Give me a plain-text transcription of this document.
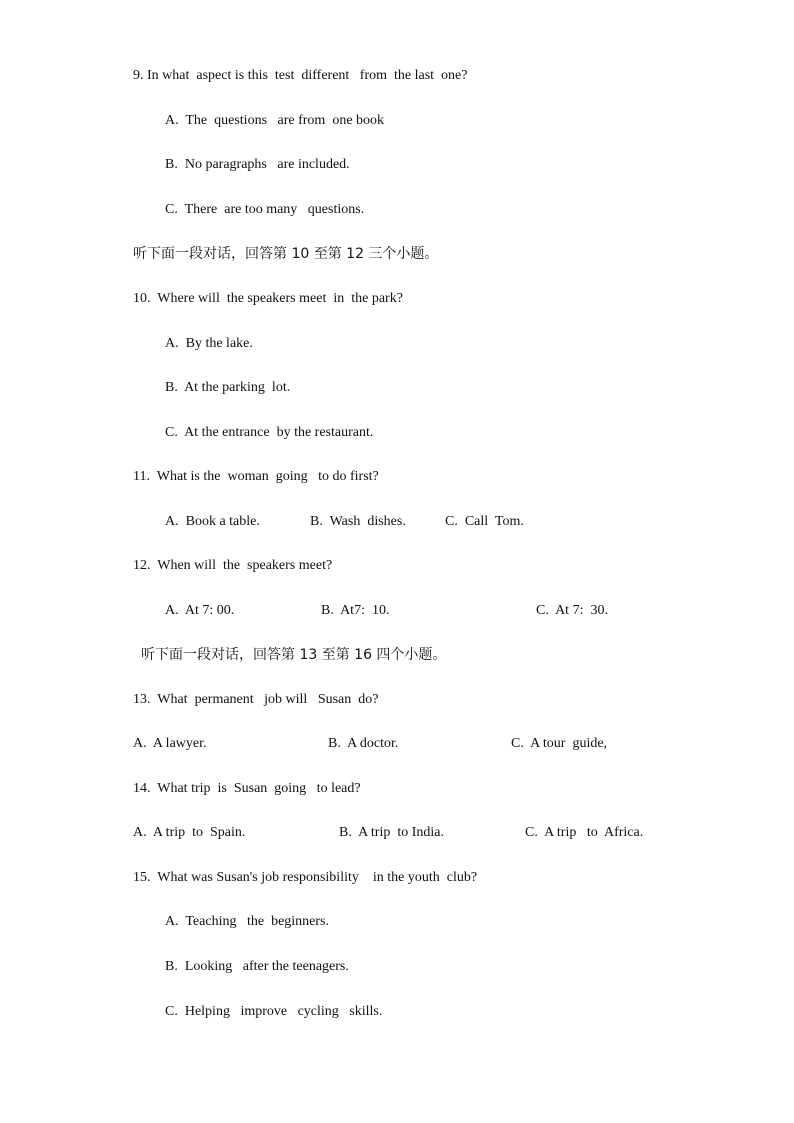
9. In what  aspect is this  test  different   from  the last  one?
A.  The  questions   are from  one book
B.  No paragraphs   are included.
C.  There  are too many   questions.
听下面一段对话，回答第 10 至第 12 三个小题。
10.  Where will  the speakers meet  in  the park?
A.  By the lake.
B.  At the parking  lot.
C.  At the entrance  by the restaurant.
11.  What is the  woman  going   to do first?
A.  Book a table.	B.  Wash  dishes.	C.  Call  Tom.
12.  When will  the  speakers meet?
A.  At 7: 00.	B.  At7:  10.	C.  At 7:  30.
听下面一段对话，回答第 13 至第 16 四个小题。
13.  What  permanent   job will   Susan  do?
A.  A lawyer.	B.  A doctor.	C.  A tour  guide,
14.  What trip  is  Susan  going   to lead?
A.  A trip  to  Spain.	B.  A trip  to India.	C.  A trip   to  Africa.
15.  What was Susan's job responsibility    in the youth  club?
A.  Teaching   the  beginners.
B.  Looking   after the teenagers.
C.  Helping   improve   cycling   skills.
